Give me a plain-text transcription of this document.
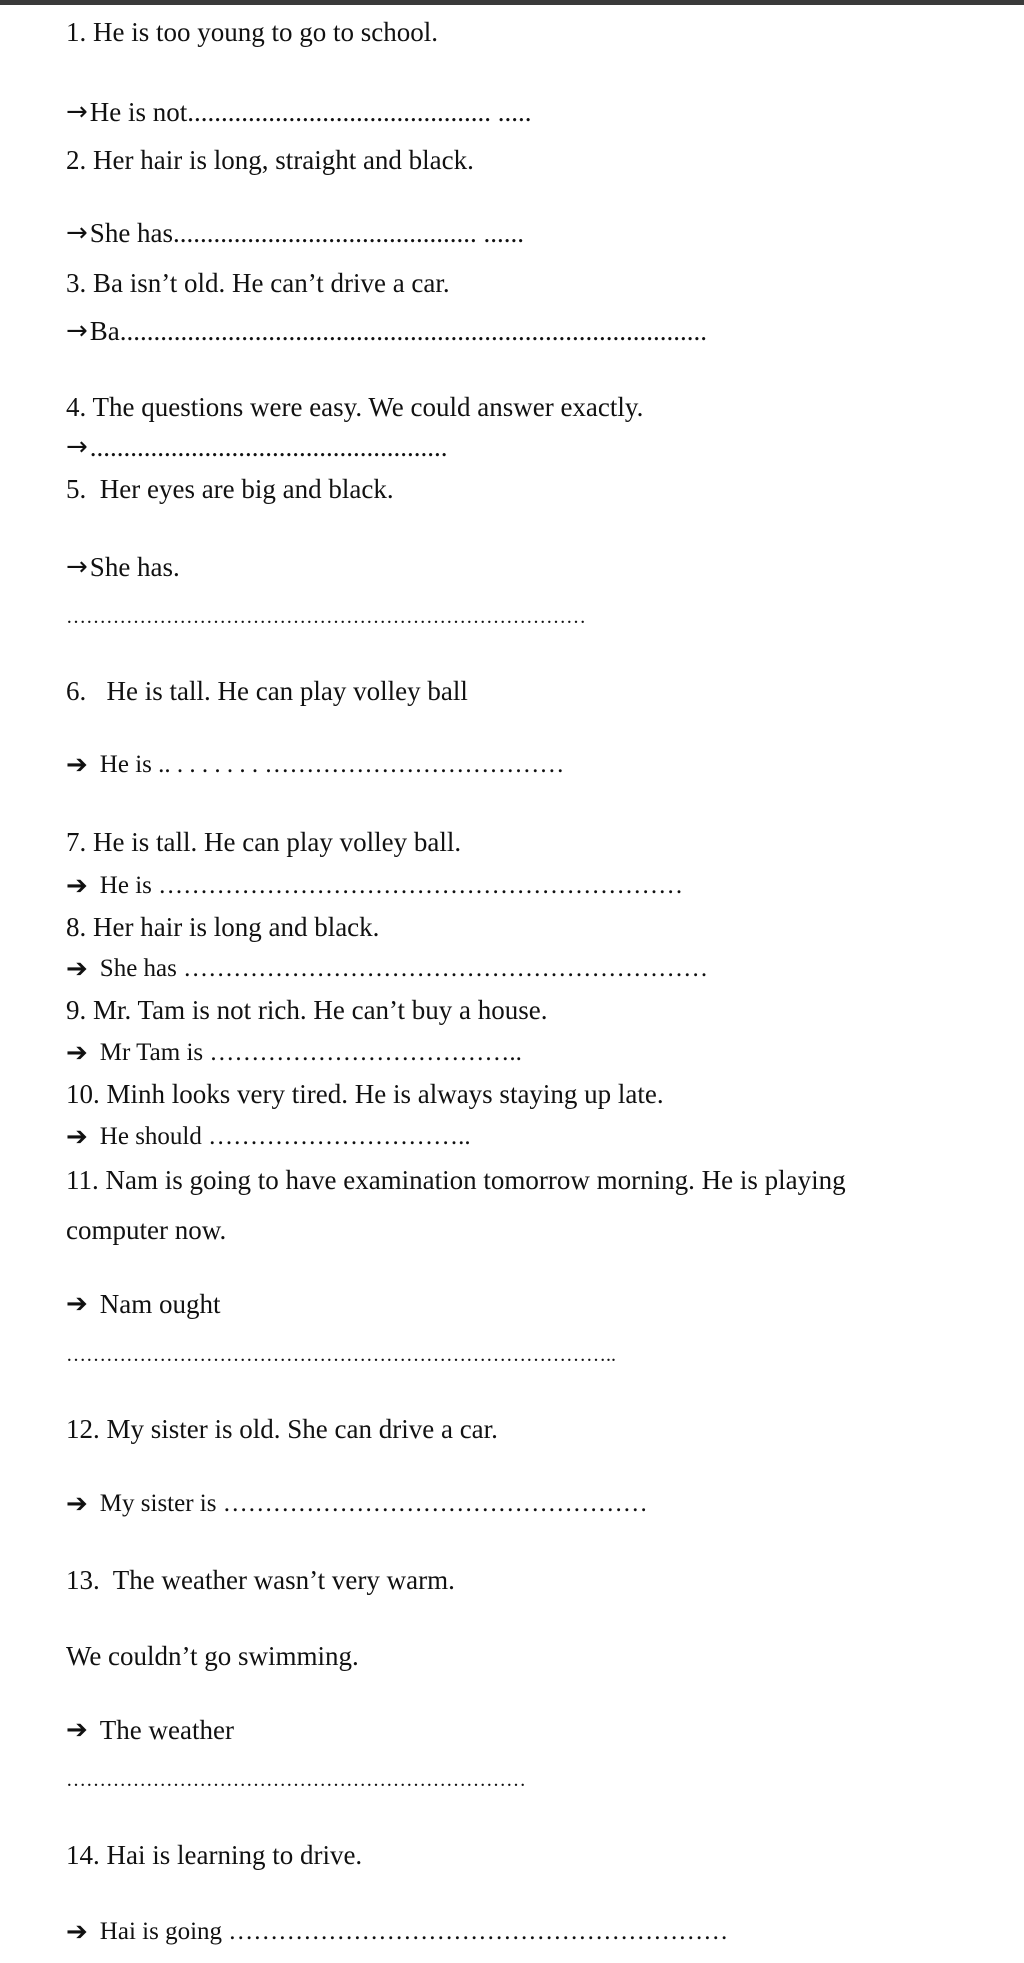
1. He is too young to go to school.
→ He is not............................................. .....
2. Her hair is long, straight and black.
→ She has............................................. ......
3. Ba isn’t old. He can’t drive a car.
→ Ba.......................................................................................
4. The questions were easy. We could answer exactly.
→ .....................................................
5.  Her eyes are big and black.
→ She has.
……………………………………………………………………
6.   He is tall. He can play volley ball
➔ He is .. . . . . . . . ………………………………
7. He is tall. He can play volley ball.
➔ He is ………………………………………………………
8. Her hair is long and black.
➔ She has ………………………………………………………
9. Mr. Tam is not rich. He can’t buy a house.
➔ Mr Tam is ………………………………..
10. Minh looks very tired. He is always staying up late.
➔ He should …………………………..
11. Nam is going to have examination tomorrow morning. He is playing
computer now.
➔ Nam ought
………………………………………………………………………..
12. My sister is old. She can drive a car.
➔ My sister is ……………………………………………
13.  The weather wasn’t very warm.
We couldn’t go swimming.
➔ The weather
……………………………………………………………
14. Hai is learning to drive.
➔ Hai is going ……………………………………………………
